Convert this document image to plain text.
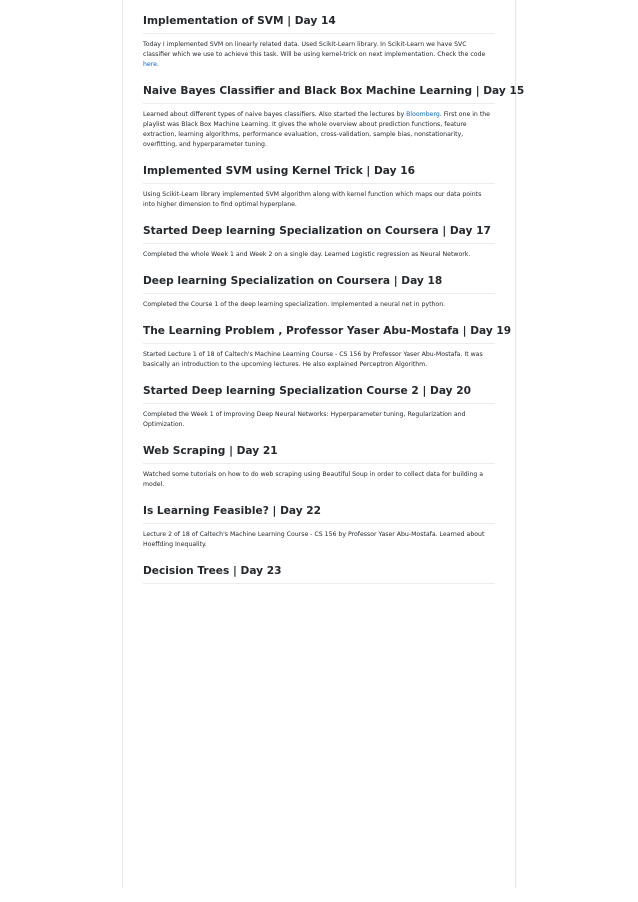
Implementation of SVM | Day 14

Today I implemented SVM on linearly related data. Used Scikit-Learn library. In Scikit-Learn we have SVC classifier which we use to achieve this task. Will be using kernel-trick on next implementation. Check the code here.

Naive Bayes Classifier and Black Box Machine Learning | Day 15

Learned about different types of naive bayes classifiers. Also started the lectures by Bloomberg. First one in the playlist was Black Box Machine Learning. It gives the whole overview about prediction functions, feature extraction, learning algorithms, performance evaluation, cross-validation, sample bias, nonstationarity, overfitting, and hyperparameter tuning.

Implemented SVM using Kernel Trick | Day 16

Using Scikit-Learn library implemented SVM algorithm along with kernel function which maps our data points into higher dimension to find optimal hyperplane.

Started Deep learning Specialization on Coursera | Day 17

Completed the whole Week 1 and Week 2 on a single day. Learned Logistic regression as Neural Network.

Deep learning Specialization on Coursera | Day 18

Completed the Course 1 of the deep learning specialization. Implemented a neural net in python.

The Learning Problem , Professor Yaser Abu-Mostafa | Day 19

Started Lecture 1 of 18 of Caltech's Machine Learning Course - CS 156 by Professor Yaser Abu-Mostafa. It was basically an introduction to the upcoming lectures. He also explained Perceptron Algorithm.

Started Deep learning Specialization Course 2 | Day 20

Completed the Week 1 of Improving Deep Neural Networks: Hyperparameter tuning, Regularization and Optimization.

Web Scraping | Day 21

Watched some tutorials on how to do web scraping using Beautiful Soup in order to collect data for building a model.

Is Learning Feasible? | Day 22

Lecture 2 of 18 of Caltech's Machine Learning Course - CS 156 by Professor Yaser Abu-Mostafa. Learned about Hoeffding Inequality.

Decision Trees | Day 23
